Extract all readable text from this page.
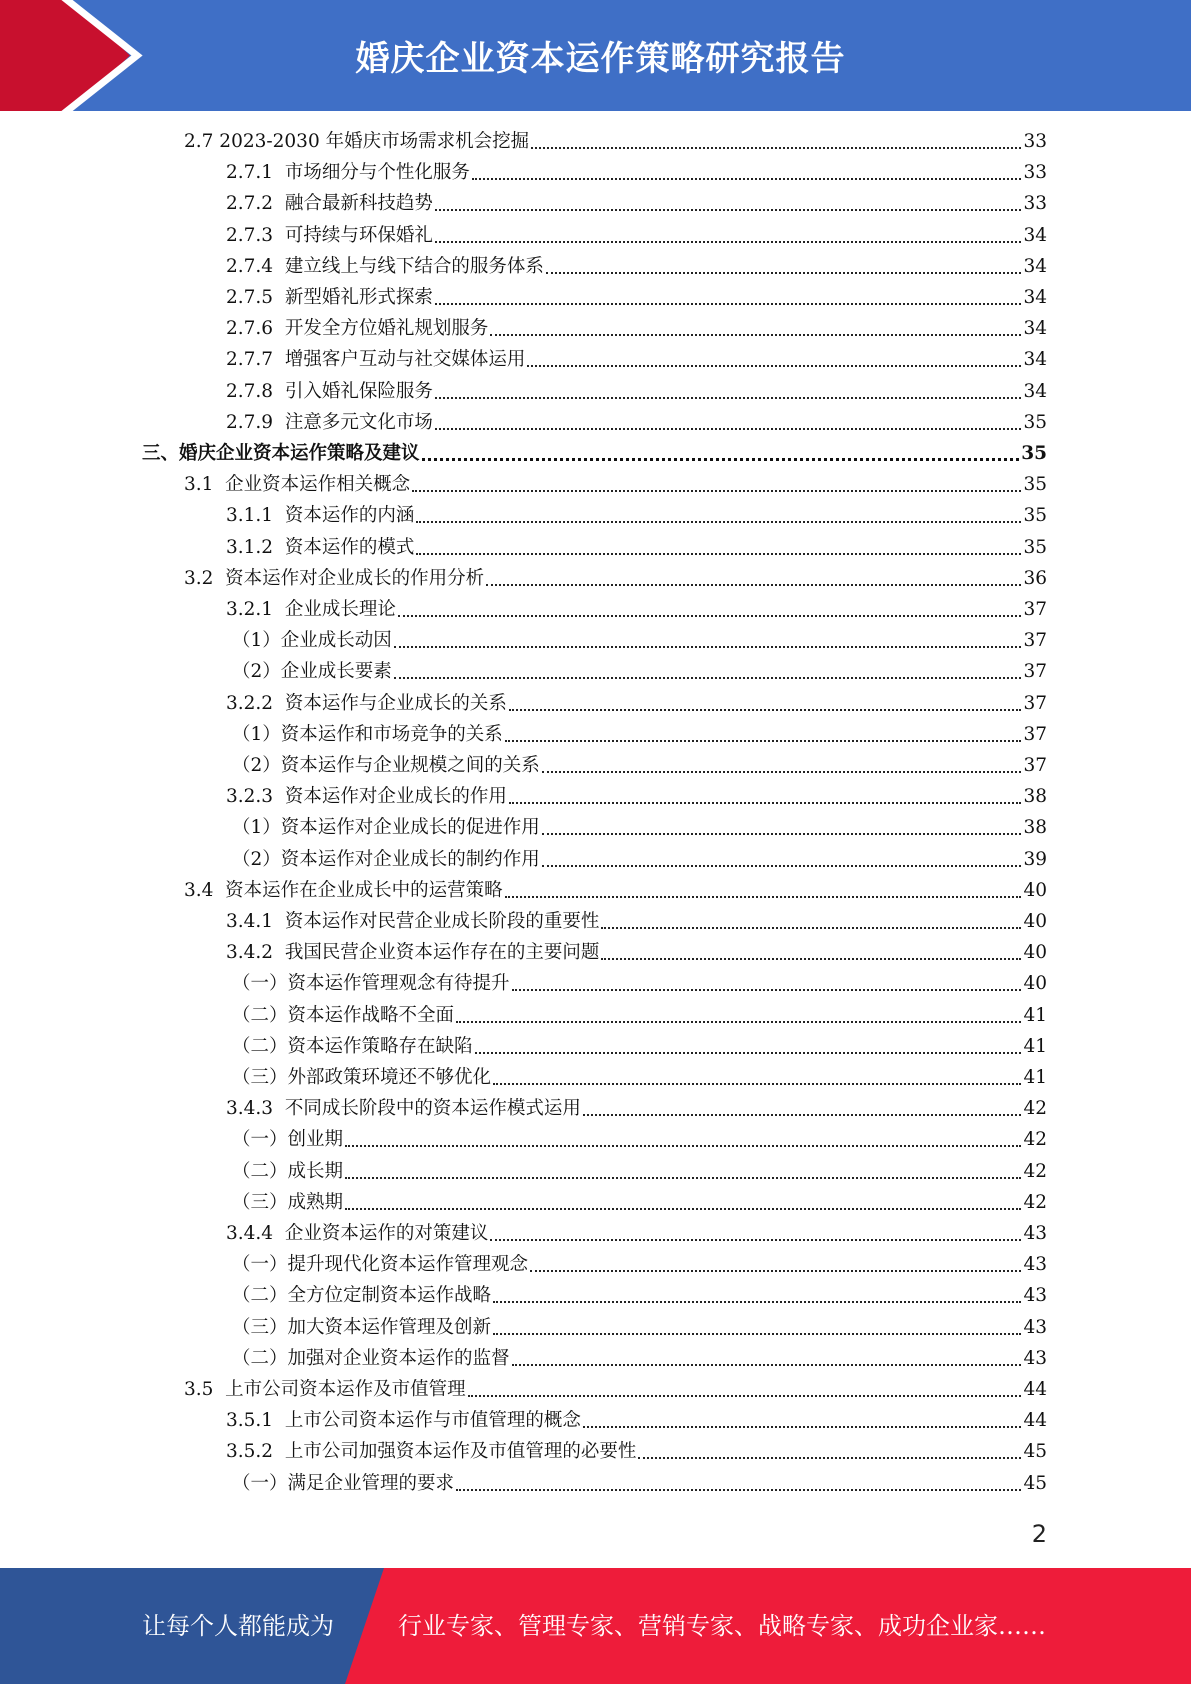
婚庆企业资本运作策略研究报告
2.7 2023-2030 年婚庆市场需求机会挖掘	33
2.7.1  市场细分与个性化服务	33
2.7.2  融合最新科技趋势	33
2.7.3  可持续与环保婚礼	34
2.7.4  建立线上与线下结合的服务体系	34
2.7.5  新型婚礼形式探索	34
2.7.6  开发全方位婚礼规划服务	34
2.7.7  增强客户互动与社交媒体运用	34
2.7.8  引入婚礼保险服务	34
2.7.9  注意多元文化市场	35
三、婚庆企业资本运作策略及建议	35
3.1  企业资本运作相关概念	35
3.1.1  资本运作的内涵	35
3.1.2  资本运作的模式	35
3.2  资本运作对企业成长的作用分析	36
3.2.1  企业成长理论	37
（1）企业成长动因	37
（2）企业成长要素	37
3.2.2  资本运作与企业成长的关系	37
（1）资本运作和市场竞争的关系	37
（2）资本运作与企业规模之间的关系	37
3.2.3  资本运作对企业成长的作用	38
（1）资本运作对企业成长的促进作用	38
（2）资本运作对企业成长的制约作用	39
3.4  资本运作在企业成长中的运营策略	40
3.4.1  资本运作对民营企业成长阶段的重要性	40
3.4.2  我国民营企业资本运作存在的主要问题	40
（一）资本运作管理观念有待提升	40
（二）资本运作战略不全面	41
（二）资本运作策略存在缺陷	41
（三）外部政策环境还不够优化	41
3.4.3  不同成长阶段中的资本运作模式运用	42
（一）创业期	42
（二）成长期	42
（三）成熟期	42
3.4.4  企业资本运作的对策建议	43
（一）提升现代化资本运作管理观念	43
（二）全方位定制资本运作战略	43
（三）加大资本运作管理及创新	43
（二）加强对企业资本运作的监督	43
3.5  上市公司资本运作及市值管理	44
3.5.1  上市公司资本运作与市值管理的概念	44
3.5.2  上市公司加强资本运作及市值管理的必要性	45
（一）满足企业管理的要求	45
2
让每个人都能成为	行业专家、管理专家、营销专家、战略专家、成功企业家……
